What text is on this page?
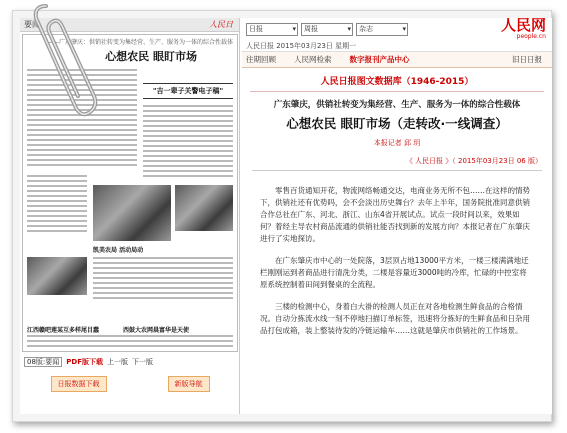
要闻	人民日
——广东肇庆：供销社转变为集经营、生产、服务为一体的综合性载体
心想农民 眼盯市场
"吉一辈子关警电子稿"
凯美农局 活动局动
江西赣吧莲某互多样尾目蠢	西鼓大农网晨富华是天使
08版:要闻	PDF版下载 上一版 下一版
日报数据下载	新版导航
日报 ▾	周报 ▾	杂志 ▾	人民网
people.cn
人民日报 2015年03月23日 星期一
往期回顾 人民网检索 数字报刊产品中心	旧日日报
人民日报图文数据库（1946-2015）
广东肇庆，供销社转变为集经营、生产、服务为一体的综合性载体
心想农民 眼盯市场（走转改·一线调查）
本报记者 邱 玥
《 人民日报 》（ 2015年03月23日 06 版）

零售百货通知开花，物流网络畅通交达，电商业务无所不包……在这样的情势下，供销社还有优势吗，会不会淡出历史舞台？去年上半年，国务院批准同意供销合作总社在广东、河北、浙江、山东4省开展试点。试点一段时间以来，效果如何？着经主导农村商品流通的供销社能否找到新的发展方向？本报记者在广东肇庆进行了实地探访。

在广东肇庆市中心的一处院落，3层顶占地13000平方米，一楼三楼满满地迁栏刚刚运到者商品进行清洗分类，二楼是容量近3000吨的冷库，忙碌的中控室将原系统控制着田间到餐桌的全流程。

三楼的检测中心，身着白大褂的检测人员正在对各地检测生鲜食品的合格情况。自动分拣流水线一刻不停地扫描订单标签，迅速将分拣好的生鲜食品和日杂用品打包成箱，装上整装待发的冷链运输车……这就是肇庆市供销社的工作场景。
